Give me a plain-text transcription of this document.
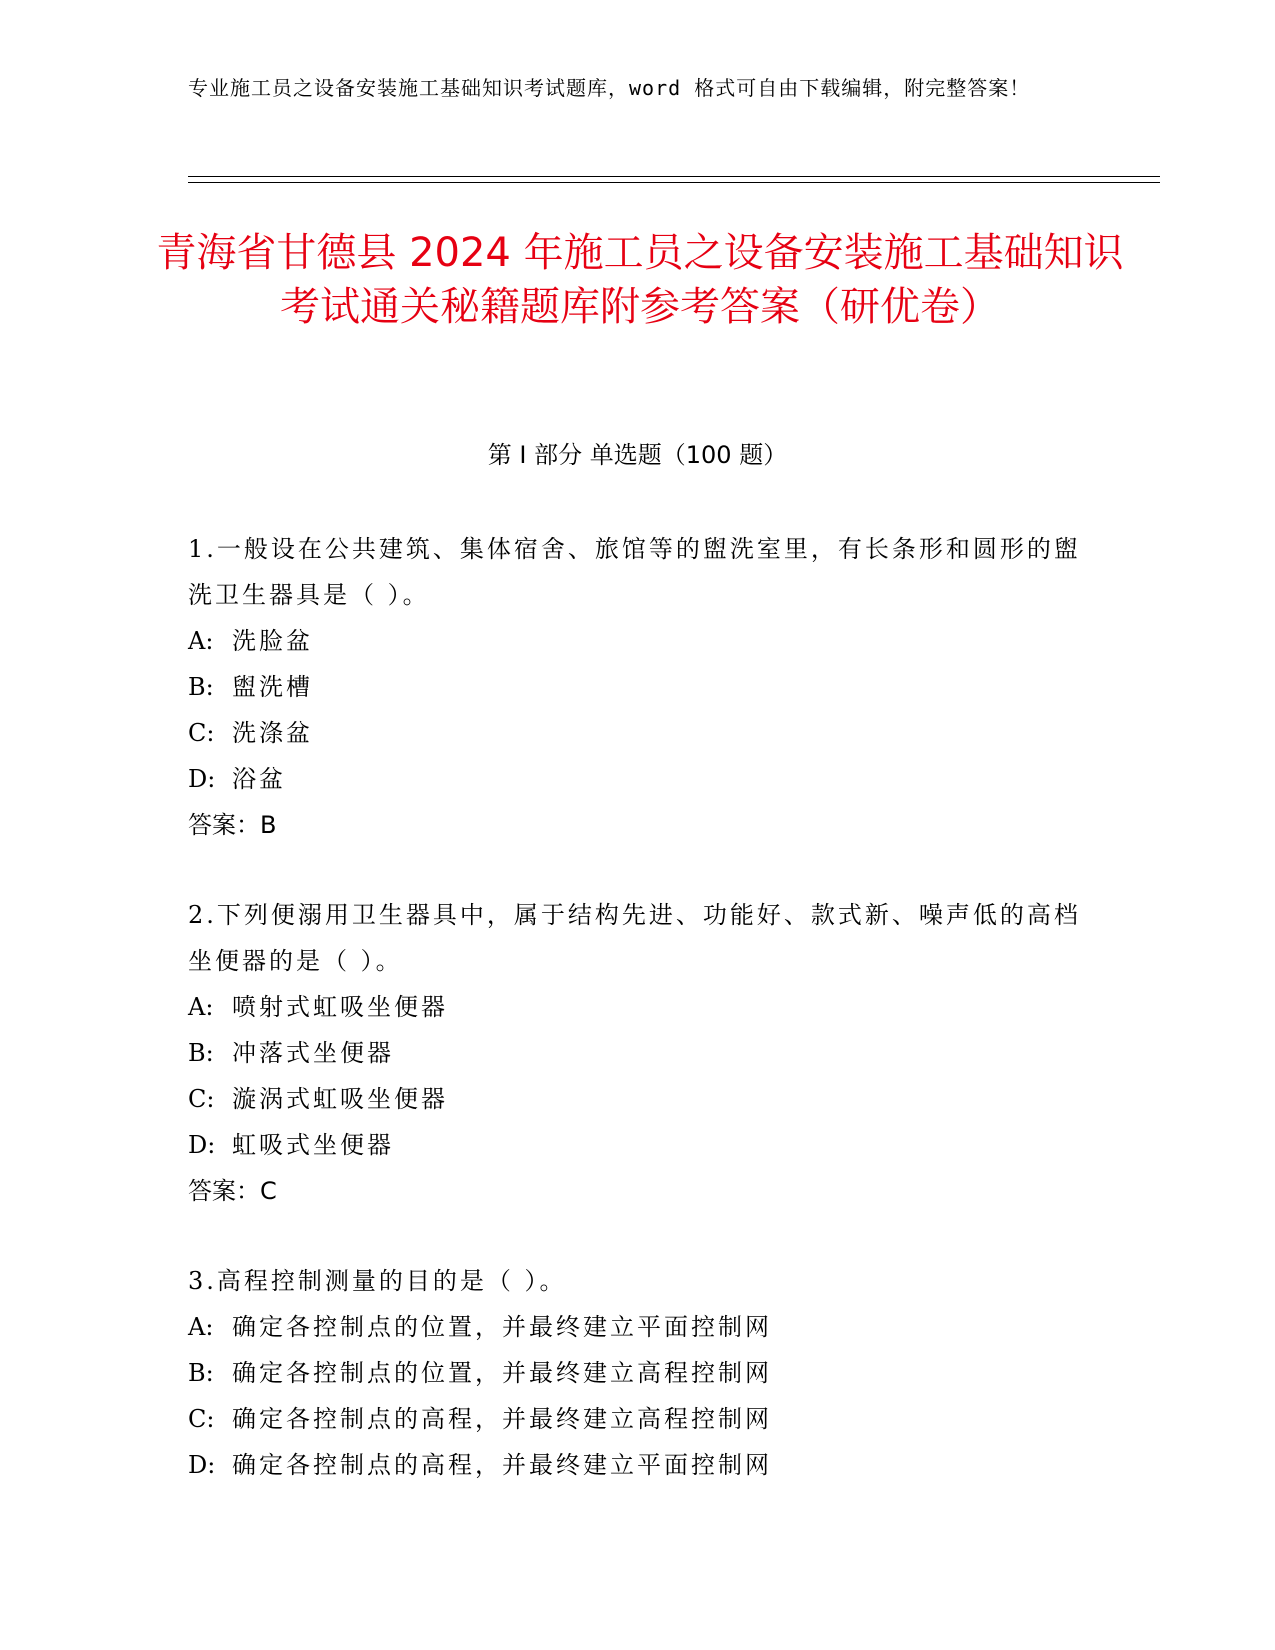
专业施工员之设备安装施工基础知识考试题库，word 格式可自由下载编辑，附完整答案！
青海省甘德县 2024 年施工员之设备安装施工基础知识考试通关秘籍题库附参考答案（研优卷）
第 I 部分 单选题（100 题）

1.一般设在公共建筑、集体宿舍、旅馆等的盥洗室里，有长条形和圆形的盥洗卫生器具是（ ）。

A: 洗脸盆

B: 盥洗槽

C: 洗涤盆

D: 浴盆

答案：B

2.下列便溺用卫生器具中，属于结构先进、功能好、款式新、噪声低的高档坐便器的是（ ）。

A: 喷射式虹吸坐便器

B: 冲落式坐便器

C: 漩涡式虹吸坐便器

D: 虹吸式坐便器

答案：C

3.高程控制测量的目的是（ ）。

A: 确定各控制点的位置，并最终建立平面控制网

B: 确定各控制点的位置，并最终建立高程控制网

C: 确定各控制点的高程，并最终建立高程控制网

D: 确定各控制点的高程，并最终建立平面控制网
